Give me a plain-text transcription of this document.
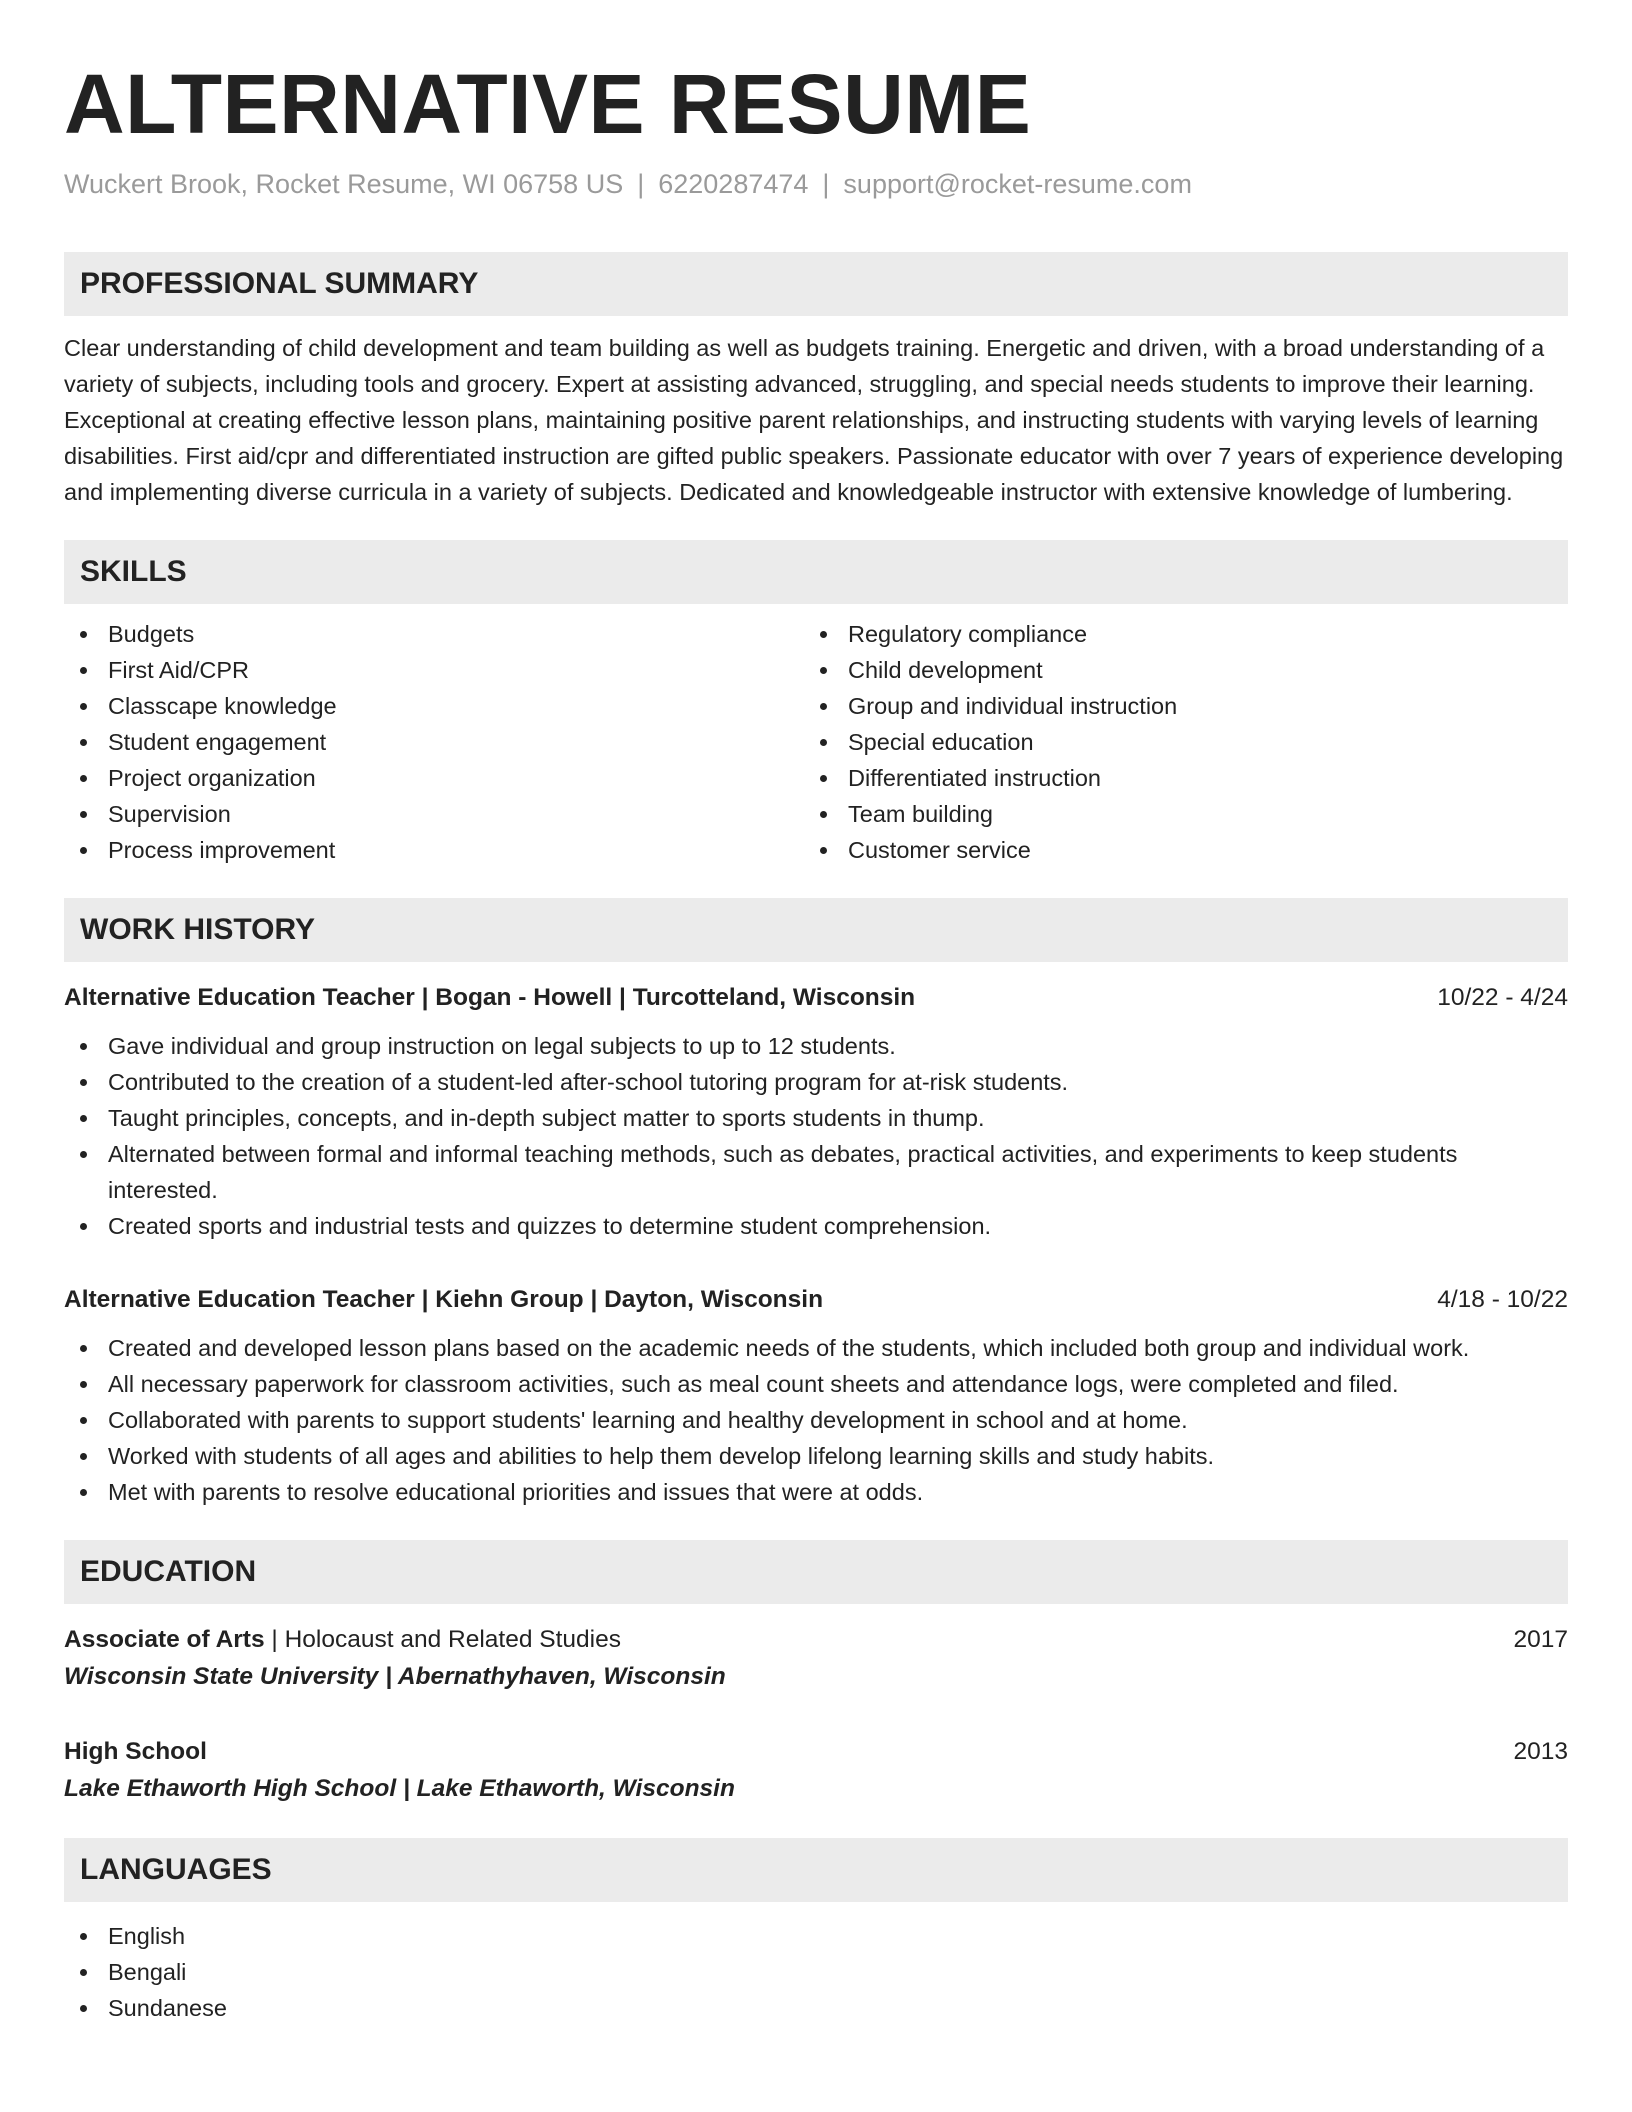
ALTERNATIVE RESUME
Wuckert Brook, Rocket Resume, WI 06758 US | 6220287474 | support@rocket-resume.com
PROFESSIONAL SUMMARY

Clear understanding of child development and team building as well as budgets training. Energetic and driven, with a broad understanding of a variety of subjects, including tools and grocery. Expert at assisting advanced, struggling, and special needs students to improve their learning. Exceptional at creating effective lesson plans, maintaining positive parent relationships, and instructing students with varying levels of learning disabilities. First aid/cpr and differentiated instruction are gifted public speakers. Passionate educator with over 7 years of experience developing and implementing diverse curricula in a variety of subjects. Dedicated and knowledgeable instructor with extensive knowledge of lumbering.

SKILLS
Budgets
First Aid/CPR
Classcape knowledge
Student engagement
Project organization
Supervision
Process improvement
Regulatory compliance
Child development
Group and individual instruction
Special education
Differentiated instruction
Team building
Customer service
WORK HISTORY
Alternative Education Teacher | Bogan - Howell | Turcotteland, Wisconsin	10/22 - 4/24
Gave individual and group instruction on legal subjects to up to 12 students.
Contributed to the creation of a student-led after-school tutoring program for at-risk students.
Taught principles, concepts, and in-depth subject matter to sports students in thump.
Alternated between formal and informal teaching methods, such as debates, practical activities, and experiments to keep students interested.
Created sports and industrial tests and quizzes to determine student comprehension.
Alternative Education Teacher | Kiehn Group | Dayton, Wisconsin	4/18 - 10/22
Created and developed lesson plans based on the academic needs of the students, which included both group and individual work.
All necessary paperwork for classroom activities, such as meal count sheets and attendance logs, were completed and filed.
Collaborated with parents to support students' learning and healthy development in school and at home.
Worked with students of all ages and abilities to help them develop lifelong learning skills and study habits.
Met with parents to resolve educational priorities and issues that were at odds.
EDUCATION
Associate of Arts | Holocaust and Related Studies	2017
Wisconsin State University | Abernathyhaven, Wisconsin
High School	2013
Lake Ethaworth High School | Lake Ethaworth, Wisconsin
LANGUAGES
English
Bengali
Sundanese
